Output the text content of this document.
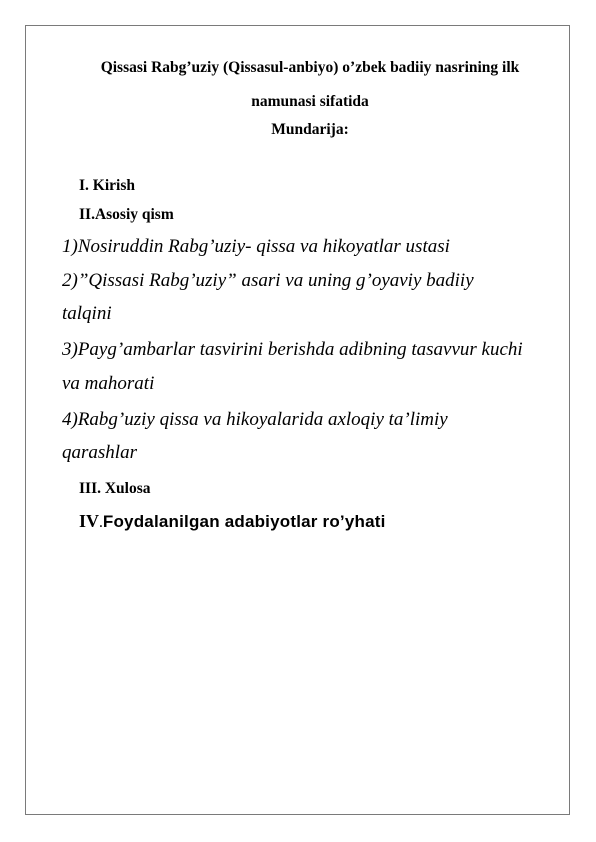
Qissasi Rabg’uziy (Qissasul-anbiyo) o’zbek badiiy nasrining ilk
namunasi sifatida
Mundarija:
I. Kirish
II.Asosiy qism
1)Nosiruddin Rabg’uziy- qissa va hikoyatlar ustasi
2)”Qissasi Rabg’uziy” asari va uning g’oyaviy badiiy
talqini
3)Payg’ambarlar tasvirini berishda adibning tasavvur kuchi
va mahorati
4)Rabg’uziy qissa va hikoyalarida axloqiy ta’limiy
qarashlar
III. Xulosa
IV.Foydalanilgan adabiyotlar ro’yhati
